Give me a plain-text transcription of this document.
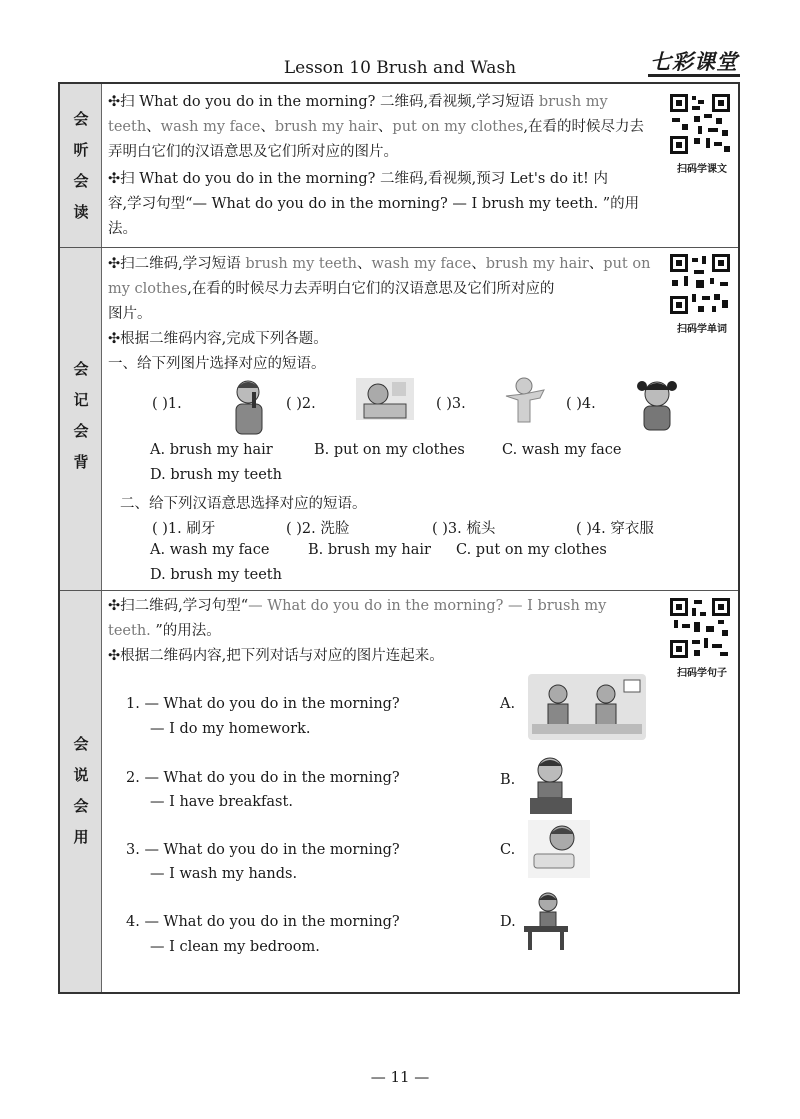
Lesson 10 Brush and Wash	七彩课堂
会
听
会
读
会
记
会
背
会
说
会
用
✣扫 What do you do in the morning? 二维码,看视频,学习短语 brush my
teeth、wash my face、brush my hair、put on my clothes,在看的时候尽力去
弄明白它们的汉语意思及它们所对应的图片。
✣扫 What do you do in the morning? 二维码,看视频,预习 Let's do it! 内
容,学习句型“— What do you do in the morning? — I brush my teeth. ”的用法。
扫码学课文
✣扫二维码,学习短语 brush my teeth、wash my face、brush my hair、put on
my clothes,在看的时候尽力去弄明白它们的汉语意思及它们所对应的
图片。
✣根据二维码内容,完成下列各题。
一、给下列图片选择对应的短语。
扫码学单词
( )1.	( )2.	( )3.	( )4.
A. brush my hair	B. put on my clothes	C. wash my face
D. brush my teeth
二、给下列汉语意思选择对应的短语。
( )1. 刷牙	( )2. 洗脸	( )3. 梳头	( )4. 穿衣服
A. wash my face	B. brush my hair C. put on my clothes
D. brush my teeth
✣扫二维码,学习句型“— What do you do in the morning? — I brush my
teeth. ”的用法。
✣根据二维码内容,把下列对话与对应的图片连起来。
扫码学句子
1. — What do you do in the morning?
— I do my homework.
2. — What do you do in the morning?
— I have breakfast.
3. — What do you do in the morning?
— I wash my hands.
4. — What do you do in the morning?
— I clean my bedroom.
A.
B.
C.
D.
— 11 —
